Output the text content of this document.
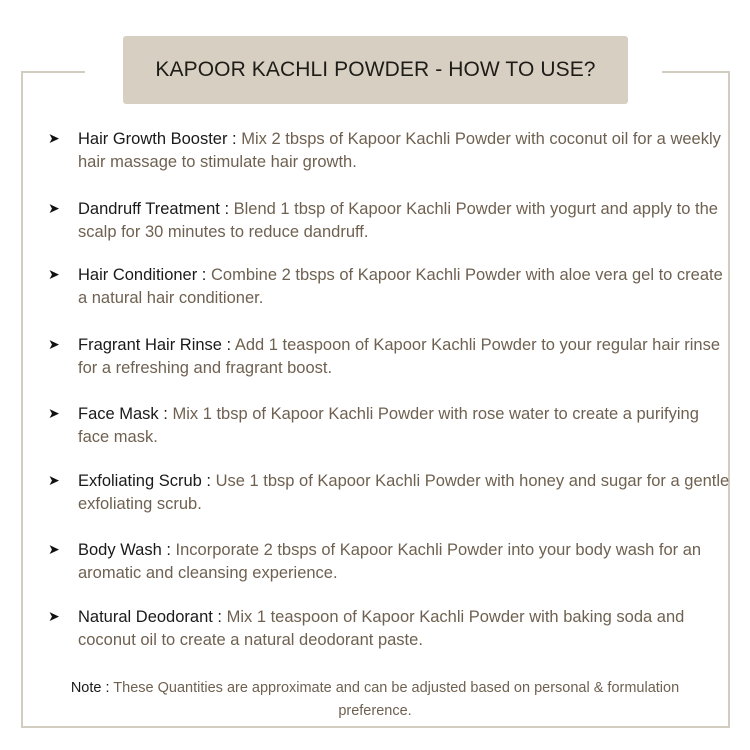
KAPOOR KACHLI POWDER - HOW TO USE?
➤ Hair Growth Booster : Mix 2 tbsps of Kapoor Kachli Powder with coconut oil for a weekly hair massage to stimulate hair growth.
➤ Dandruff Treatment : Blend 1 tbsp of Kapoor Kachli Powder with yogurt and apply to the scalp for 30 minutes to reduce dandruff.
➤ Hair Conditioner : Combine 2 tbsps of Kapoor Kachli Powder with aloe vera gel to create a natural hair conditioner.
➤ Fragrant Hair Rinse : Add 1 teaspoon of Kapoor Kachli Powder to your regular hair rinse for a refreshing and fragrant boost.
➤ Face Mask : Mix 1 tbsp of Kapoor Kachli Powder with rose water to create a purifying face mask.
➤ Exfoliating Scrub : Use 1 tbsp of Kapoor Kachli Powder with honey and sugar for a gentle exfoliating scrub.
➤ Body Wash : Incorporate 2 tbsps of Kapoor Kachli Powder into your body wash for an aromatic and cleansing experience.
➤ Natural Deodorant : Mix 1 teaspoon of Kapoor Kachli Powder with baking soda and coconut oil to create a natural deodorant paste.
Note : These Quantities are approximate and can be adjusted based on personal & formulation preference.
